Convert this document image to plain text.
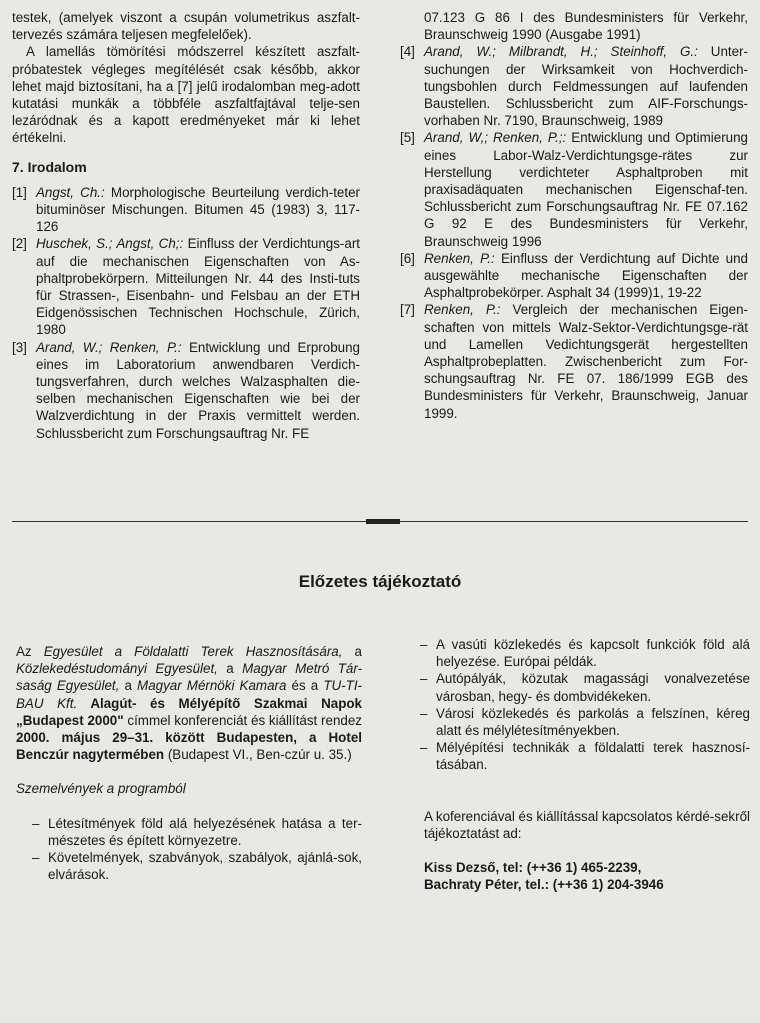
testek, (amelyek viszont a csupán volumetrikus aszfalt-tervezés számára teljesen megfelelőek).

A lamellás tömörítési módszerrel készített aszfalt-próbatestek végleges megítélését csak később, akkor lehet majd biztosítani, ha a [7] jelű irodalomban meg-adott kutatási munkák a többféle aszfaltfajtával telje-sen lezáródnak és a kapott eredményeket már ki lehet értékelni.

7. Irodalom
[1] Angst, Ch.: Morphologische Beurteilung verdich-teter bituminöser Mischungen. Bitumen 45 (1983) 3, 117-126
[2] Huschek, S.; Angst, Ch;: Einfluss der Verdichtungs-art auf die mechanischen Eigenschaften von As-phaltprobekörpern. Mitteilungen Nr. 44 des Insti-tuts für Strassen-, Eisenbahn- und Felsbau an der ETH Eidgenössischen Technischen Hochschule, Zürich, 1980
[3] Arand, W.; Renken, P.: Entwicklung und Erprobung eines im Laboratorium anwendbaren Verdich-tungsverfahren, durch welches Walzasphalten die-selben mechanischen Eigenschaften wie bei der Walzverdichtung in der Praxis vermittelt werden. Schlussbericht zum Forschungsauftrag Nr. FE
07.123 G 86 I des Bundesministers für Verkehr, Braunschweig 1990 (Ausgabe 1991)
[4] Arand, W.; Milbrandt, H.; Steinhoff, G.: Unter-suchungen der Wirksamkeit von Hochverdich-tungsbohlen durch Feldmessungen auf laufenden Baustellen. Schlussbericht zum AIF-Forschungs-vorhaben Nr. 7190, Braunschweig, 1989
[5] Arand, W,; Renken, P.;: Entwicklung und Optimierung eines Labor-Walz-Verdichtungsge-rätes zur Herstellung verdichteter Asphaltproben mit praxisadäquaten mechanischen Eigenschaf-ten. Schlussbericht zum Forschungsauftrag Nr. FE 07.162 G 92 E des Bundesministers für Verkehr, Braunschweig 1996
[6] Renken, P.: Einfluss der Verdichtung auf Dichte und ausgewählte mechanische Eigenschaften der Asphaltprobekörper. Asphalt 34 (1999)1, 19-22
[7] Renken, P.: Vergleich der mechanischen Eigen-schaften von mittels Walz-Sektor-Verdichtungsge-rät und Lamellen Vedichtungsgerät hergestellten Asphaltprobeplatten. Zwischenbericht zum For-schungsauftrag Nr. FE 07. 186/1999 EGB des Bundesministers für Verkehr, Braunschweig, Januar 1999.
Előzetes tájékoztató

Az Egyesület a Földalatti Terek Hasznosítására, a Közlekedéstudományi Egyesület, a Magyar Metró Tár-saság Egyesület, a Magyar Mérnöki Kamara és a TU-TI-BAU Kft. Alagút- és Mélyépítő Szakmai Napok „Budapest 2000" címmel konferenciát és kiállítást rendez 2000. május 29–31. között Budapesten, a Hotel Benczúr nagytermében (Budapest VI., Ben-czúr u. 35.)

Szemelvények a programból

– Létesítmények föld alá helyezésének hatása a ter-mészetes és épített környezetre.
– Követelmények, szabványok, szabályok, ajánlá-sok, elvárások.
– A vasúti közlekedés és kapcsolt funkciók föld alá helyezése. Európai példák.
– Autópályák, közutak magassági vonalvezetése városban, hegy- és dombvidékeken.
– Városi közlekedés és parkolás a felszínen, kéreg alatt és mélylétesítményekben.
– Mélyépítési technikák a földalatti terek hasznosí-tásában.

A koferenciával és kiállítással kapcsolatos kérdé-sekről tájékoztatást ad:

Kiss Dezső, tel: (++36 1) 465-2239,

Bachraty Péter, tel.: (++36 1) 204-3946
